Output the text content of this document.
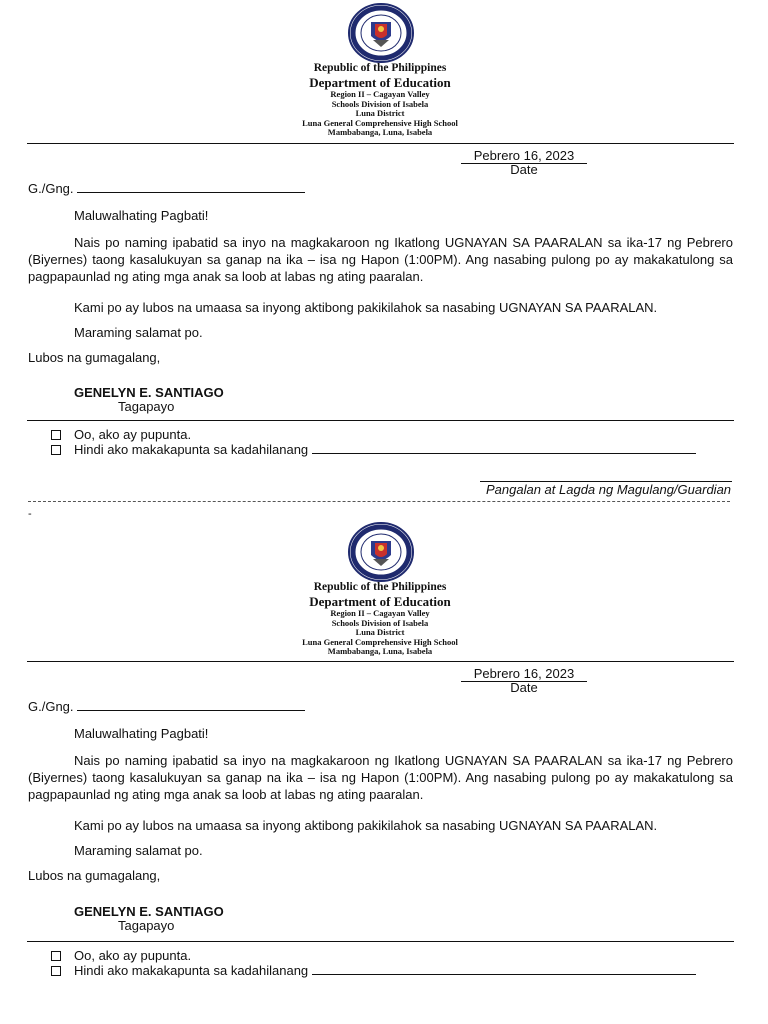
Republic of the Philippines
Department of Education
Region II – Cagayan Valley
Schools Division of Isabela
Luna District
Luna General Comprehensive High School
Mambabanga, Luna, Isabela
Pebrero 16, 2023
Date
G./Gng.
Maluwalhating Pagbati!
Nais po naming ipabatid sa inyo na magkakaroon ng Ikatlong UGNAYAN SA PAARALAN sa ika-17 ng Pebrero (Biyernes) taong kasalukuyan sa ganap na ika – isa ng Hapon (1:00PM). Ang nasabing pulong po ay makakatulong sa pagpapaunlad ng ating mga anak sa loob at labas ng ating paaralan.
Kami po ay lubos na umaasa sa inyong aktibong pakikilahok sa nasabing UGNAYAN SA PAARALAN.
Maraming salamat po.
Lubos na gumagalang,
GENELYN E. SANTIAGO
Tagapayo
Oo, ako ay pupunta.
Hindi ako makakapunta sa kadahilanang
Pangalan at Lagda ng Magulang/Guardian
-
Republic of the Philippines
Department of Education
Region II – Cagayan Valley
Schools Division of Isabela
Luna District
Luna General Comprehensive High School
Mambabanga, Luna, Isabela
Pebrero 16, 2023
Date
G./Gng.
Maluwalhating Pagbati!
Nais po naming ipabatid sa inyo na magkakaroon ng Ikatlong UGNAYAN SA PAARALAN sa ika-17 ng Pebrero (Biyernes) taong kasalukuyan sa ganap na ika – isa ng Hapon (1:00PM). Ang nasabing pulong po ay makakatulong sa pagpapaunlad ng ating mga anak sa loob at labas ng ating paaralan.
Kami po ay lubos na umaasa sa inyong aktibong pakikilahok sa nasabing UGNAYAN SA PAARALAN.
Maraming salamat po.
Lubos na gumagalang,
GENELYN E. SANTIAGO
Tagapayo
Oo, ako ay pupunta.
Hindi ako makakapunta sa kadahilanang
